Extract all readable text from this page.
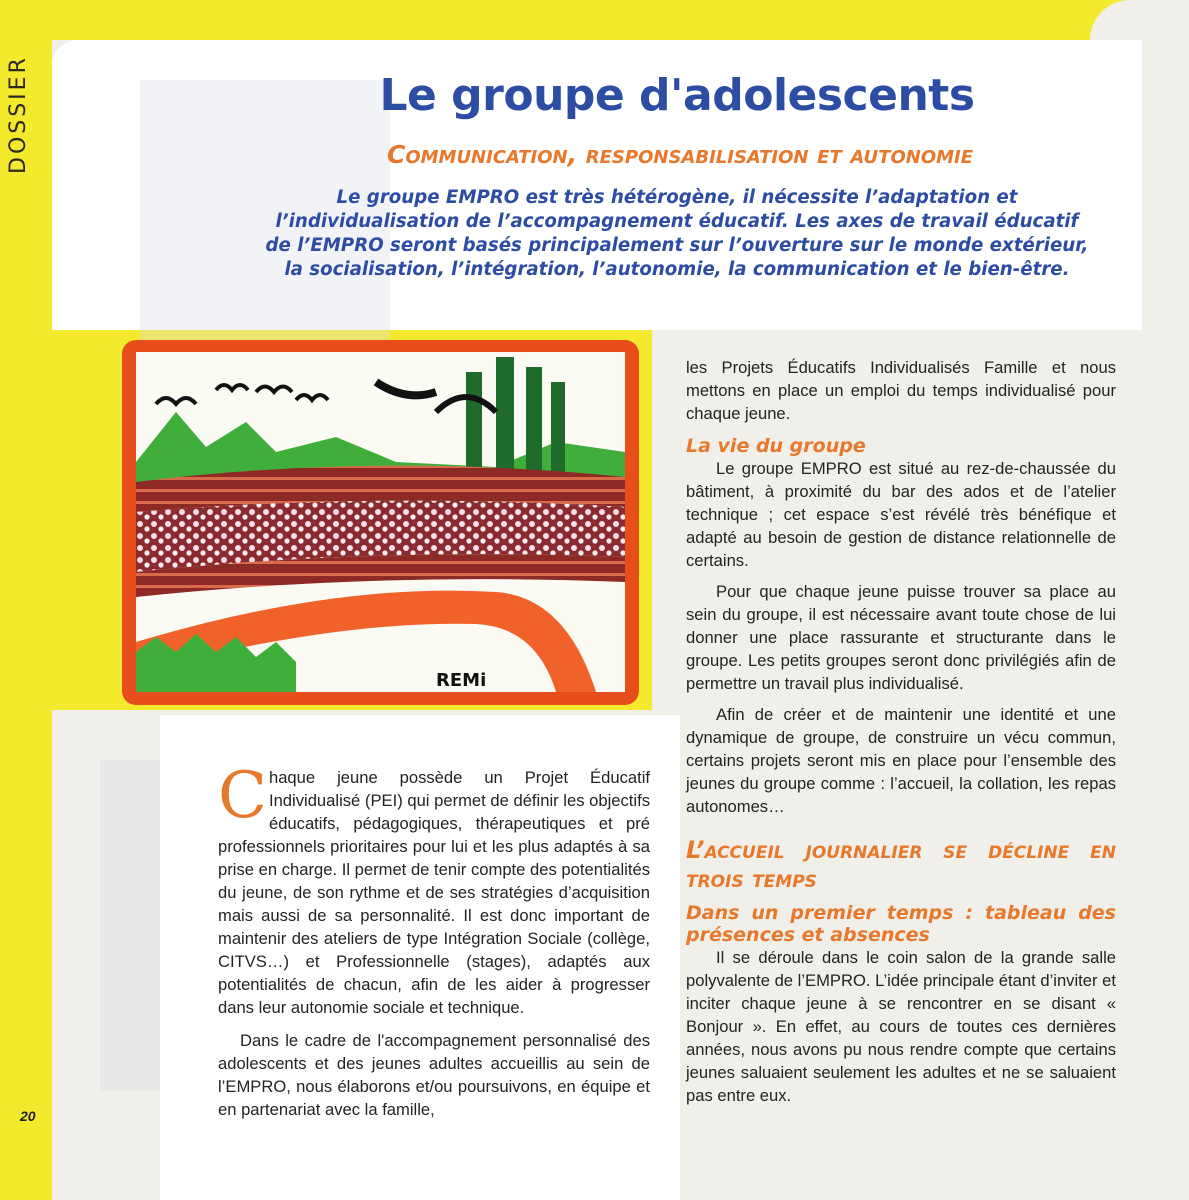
DOSSIER	Le groupe d'adolescents
Communication, responsabilisation et autonomie
Le groupe EMPRO est très hétérogène, il nécessite l’adaptation et l’individualisation de l’accompagnement éducatif. Les axes de travail éducatif de l’EMPRO seront basés principalement sur l’ouverture sur le monde extérieur, la socialisation, l’intégration, l’autonomie, la communication et le bien-être.
REMi

Chaque jeune possède un Projet Éducatif Individualisé (PEI) qui permet de définir les objectifs éducatifs, pédagogiques, thérapeutiques et pré professionnels prioritaires pour lui et les plus adaptés à sa prise en charge. Il permet de tenir compte des potentialités du jeune, de son rythme et de ses stratégies d’acquisition mais aussi de sa personnalité. Il est donc important de maintenir des ateliers de type Intégration Sociale (collège, CITVS…) et Professionnelle (stages), adaptés aux potentialités de chacun, afin de les aider à progresser dans leur autonomie sociale et technique.

Dans le cadre de l'accompagnement personnalisé des adolescents et des jeunes adultes accueillis au sein de l’EMPRO, nous élaborons et/ou poursuivons, en équipe et en partenariat avec la famille,

les Projets Éducatifs Individualisés Famille et nous mettons en place un emploi du temps individualisé pour chaque jeune.

La vie du groupe

Le groupe EMPRO est situé au rez-de-chaussée du bâtiment, à proximité du bar des ados et de l’atelier technique ; cet espace s’est révélé très bénéfique et adapté au besoin de gestion de distance relationnelle de certains.

Pour que chaque jeune puisse trouver sa place au sein du groupe, il est nécessaire avant toute chose de lui donner une place rassurante et structurante dans le groupe. Les petits groupes seront donc privilégiés afin de permettre un travail plus individualisé.

Afin de créer et de maintenir une identité et une dynamique de groupe, de construire un vécu commun, certains projets seront mis en place pour l’ensemble des jeunes du groupe comme : l’accueil, la collation, les repas autonomes…

L’accueil journalier se décline en trois temps
Dans un premier temps : tableau des présences et absences

Il se déroule dans le coin salon de la grande salle polyvalente de l’EMPRO. L’idée principale étant d’inviter et inciter chaque jeune à se rencontrer en se disant « Bonjour ». En effet, au cours de toutes ces dernières années, nous avons pu nous rendre compte que certains jeunes saluaient seulement les adultes et ne se saluaient pas entre eux.

20
